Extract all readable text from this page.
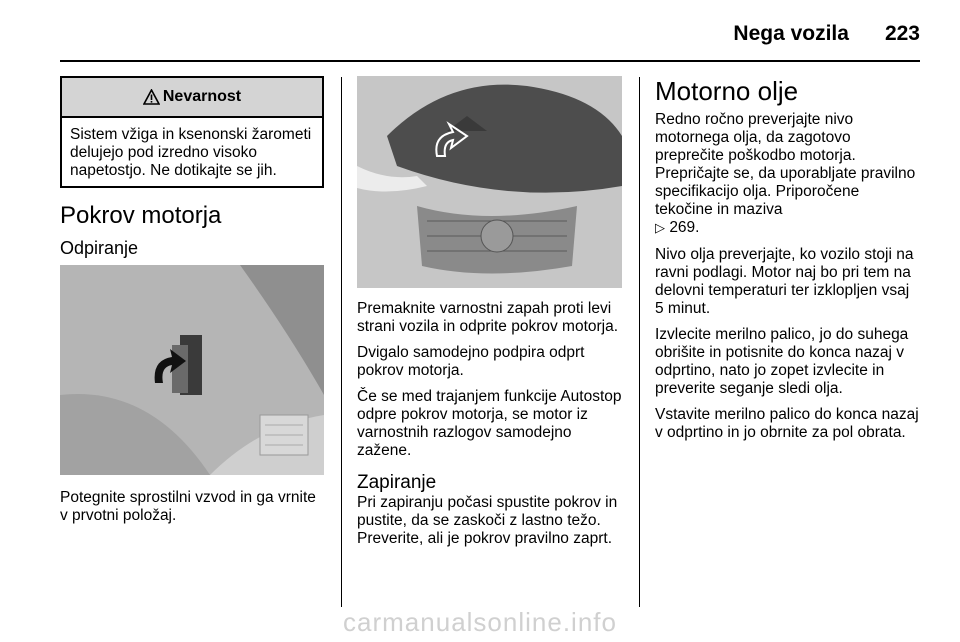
Nega vozila 223
Nevarnost
Sistem vžiga in ksenonski žarometi delujejo pod izredno visoko napetostjo. Ne dotikajte se jih.
Pokrov motorja
Odpiranje

Potegnite sprostilni vzvod in ga vrnite v prvotni položaj.

Premaknite varnostni zapah proti levi strani vozila in odprite pokrov motorja.

Dvigalo samodejno podpira odprt pokrov motorja.

Če se med trajanjem funkcije Autostop odpre pokrov motorja, se motor iz varnostnih razlogov samodejno zažene.

Zapiranje

Pri zapiranju počasi spustite pokrov in pustite, da se zaskoči z lastno težo. Preverite, ali je pokrov pravilno zaprt.

Motorno olje

Redno ročno preverjajte nivo motornega olja, da zagotovo preprečite poškodbo motorja. Prepričajte se, da uporabljate pravilno specifikacijo olja. Priporočene tekočine in maziva
▷ 269.

Nivo olja preverjajte, ko vozilo stoji na ravni podlagi. Motor naj bo pri tem na delovni temperaturi ter izklopljen vsaj 5 minut.

Izvlecite merilno palico, jo do suhega obrišite in potisnite do konca nazaj v odprtino, nato jo zopet izvlecite in preverite seganje sledi olja.

Vstavite merilno palico do konca nazaj v odprtino in jo obrnite za pol obrata.

carmanualsonline.info
